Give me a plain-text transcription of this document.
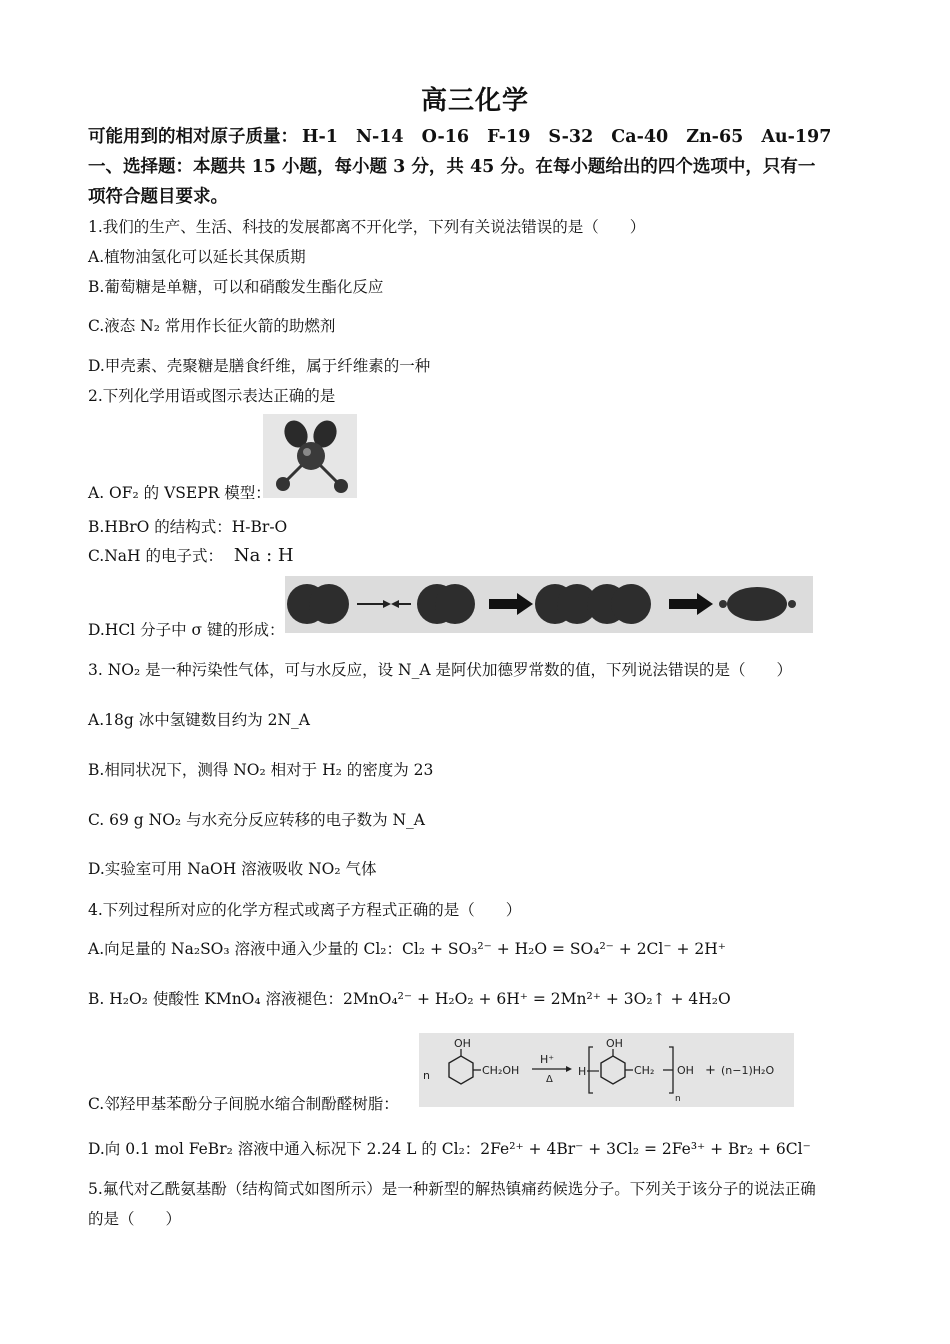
高三化学
可能用到的相对原子质量： H-1 N-14 O-16 F-19 S-32 Ca-40 Zn-65 Au-197
一、选择题：本题共 15 小题，每小题 3 分，共 45 分。在每小题给出的四个选项中，只有一
项符合题目要求。
1.我们的生产、生活、科技的发展都离不开化学，下列有关说法错误的是（　　）
A.植物油氢化可以延长其保质期
B.葡萄糖是单糖，可以和硝酸发生酯化反应
C.液态 N₂ 常用作长征火箭的助燃剂
D.甲壳素、壳聚糖是膳食纤维，属于纤维素的一种
2.下列化学用语或图示表达正确的是
A. OF₂ 的 VSEPR 模型：
B.HBrO 的结构式：H-Br-O
C.NaH 的电子式： Na : H
D.HCl 分子中 σ 键的形成：
3. NO₂ 是一种污染性气体，可与水反应，设 N_A 是阿伏加德罗常数的值，下列说法错误的是（　　）
A.18g 冰中氢键数目约为 2N_A
B.相同状况下，测得 NO₂ 相对于 H₂ 的密度为 23
C. 69 g NO₂ 与水充分反应转移的电子数为 N_A
D.实验室可用 NaOH 溶液吸收 NO₂ 气体
4.下列过程所对应的化学方程式或离子方程式正确的是（　　）
A.向足量的 Na₂SO₃ 溶液中通入少量的 Cl₂：Cl₂ + SO₃²⁻ + H₂O = SO₄²⁻ + 2Cl⁻ + 2H⁺
B. H₂O₂ 使酸性 KMnO₄ 溶液褪色：2MnO₄²⁻ + H₂O₂ + 6H⁺ = 2Mn²⁺ + 3O₂↑ + 4H₂O
n
OH
CH₂OH
H⁺
Δ
H
OH
CH₂
n
OH + (n−1)H₂O
C.邻羟甲基苯酚分子间脱水缩合制酚醛树脂：
D.向 0.1 mol FeBr₂ 溶液中通入标况下 2.24 L 的 Cl₂：2Fe²⁺ + 4Br⁻ + 3Cl₂ = 2Fe³⁺ + Br₂ + 6Cl⁻
5.氟代对乙酰氨基酚（结构简式如图所示）是一种新型的解热镇痛药候选分子。下列关于该分子的说法正确
的是（　　）
